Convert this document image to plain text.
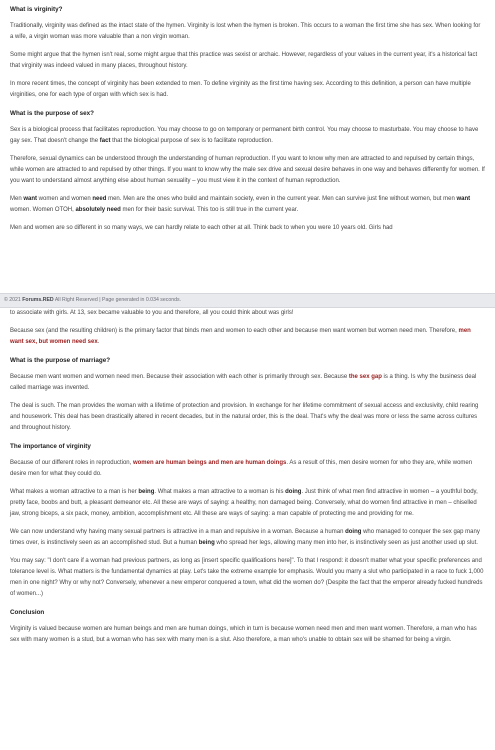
What is virginity?
Traditionally, virginity was defined as the intact state of the hymen. Virginity is lost when the hymen is broken. This occurs to a woman the first time she has sex. When looking for a wife, a virgin woman was more valuable than a non virgin woman.
Some might argue that the hymen isn't real, some might argue that this practice was sexist or archaic. However, regardless of your values in the current year, it's a historical fact that virginity was indeed valued in many places, throughout history.
In more recent times, the concept of virginity has been extended to men. To define virginity as the first time having sex. According to this definition, a person can have multiple virginities, one for each type of organ with which sex is had.
What is the purpose of sex?
Sex is a biological process that facilitates reproduction. You may choose to go on temporary or permanent birth control. You may choose to masturbate. You may choose to have gay sex. That doesn't change the fact that the biological purpose of sex is to facilitate reproduction.
Therefore, sexual dynamics can be understood through the understanding of human reproduction. If you want to know why men are attracted to and repulsed by certain things, while women are attracted to and repulsed by other things. If you want to know why the male sex drive and sexual desire behaves in one way and behaves differently for women. If you want to understand almost anything else about human sexuality – you must view it in the context of human reproduction.
Men want women and women need men. Men are the ones who build and maintain society, even in the current year. Men can survive just fine without women, but men want women. Women OTOH, absolutely need men for their basic survival. This too is still true in the current year.
Men and women are so different in so many ways, we can hardly relate to each other at all. Think back to when you were 10 years old. Girls had
© 2021 Forums.RED All Right Reserved | Page generated in 0.034 seconds.
to associate with girls. At 13, sex became valuable to you and therefore, all you could think about was girls!
Because sex (and the resulting children) is the primary factor that binds men and women to each other and because men want women but women need men. Therefore, men want sex, but women need sex.
What is the purpose of marriage?
Because men want women and women need men. Because their association with each other is primarily through sex. Because the sex gap is a thing. Is why the business deal called marriage was invented.
The deal is such. The man provides the woman with a lifetime of protection and provision. In exchange for her lifetime commitment of sexual access and exclusivity, child rearing and housework. This deal has been drastically altered in recent decades, but in the natural order, this is the deal. That's why the deal was more or less the same across cultures and throughout history.
The importance of virginity
Because of our different roles in reproduction, women are human beings and men are human doings. As a result of this, men desire women for who they are, while women desire men for what they could do.
What makes a woman attractive to a man is her being. What makes a man attractive to a woman is his doing. Just think of what men find attractive in women – a youthful body, pretty face, boobs and butt, a pleasant demeanor etc. All these are ways of saying: a healthy, non damaged being. Conversely, what do women find attractive in men – chiselled jaw, strong biceps, a six pack, money, ambition, accomplishment etc. All these are ways of saying: a man capable of protecting me and providing for me.
We can now understand why having many sexual partners is attractive in a man and repulsive in a woman. Because a human doing who managed to conquer the sex gap many times over, is instinctively seen as an accomplished stud. But a human being who spread her legs, allowing many men into her, is instinctively seen as just another used up slut.
You may say: "I don't care if a woman had previous partners, as long as [insert specific qualifications here]". To that I respond: it doesn't matter what your specific preferences and tolerance level is. What matters is the fundamental dynamics at play. Let's take the extreme example for emphasis. Would you marry a slut who participated in a race to fuck 1,000 men in one night? Why or why not? Conversely, whenever a new emperor conquered a town, what did the women do? (Despite the fact that the emperor already fucked hundreds of women...)
Conclusion
Virginity is valued because women are human beings and men are human doings, which in turn is because women need men and men want women. Therefore, a man who has sex with many women is a stud, but a woman who has sex with many men is a slut. Also therefore, a man who's unable to obtain sex will be shamed for being a virgin.
